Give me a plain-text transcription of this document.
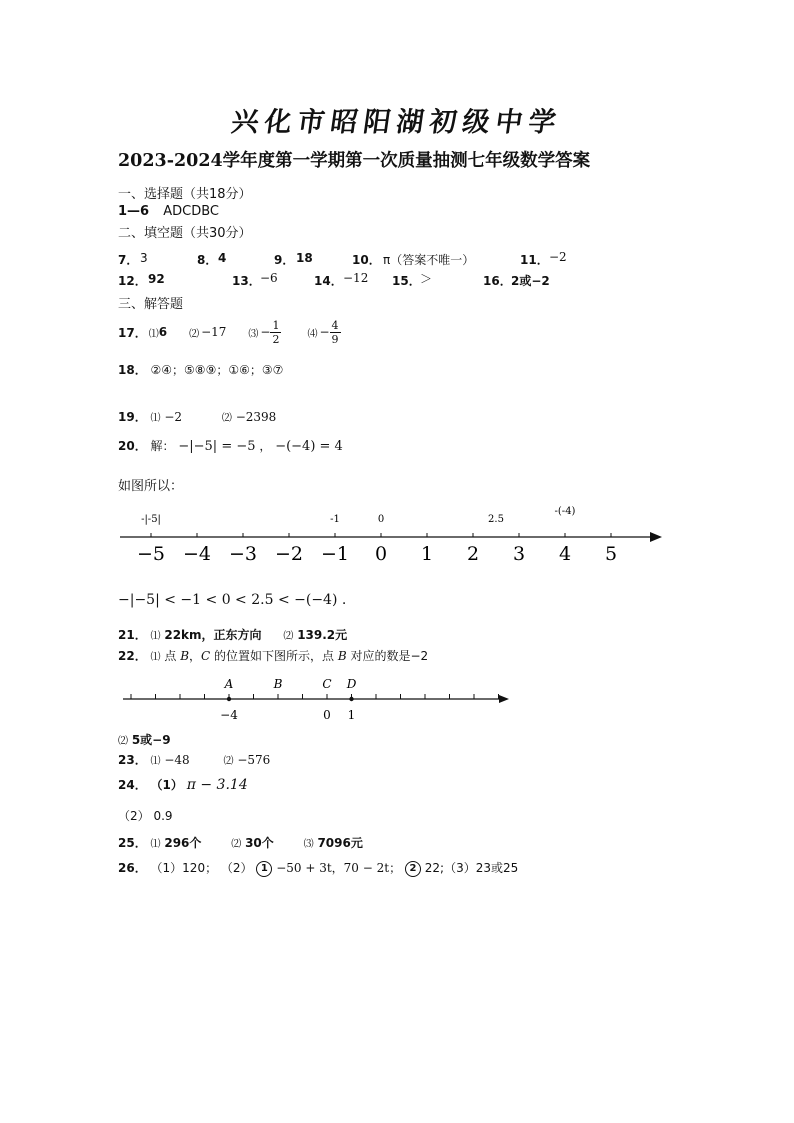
兴化市昭阳湖初级中学
2023-2024学年度第一学期第一次质量抽测七年级数学答案
一、选择题（共18分）
1—6 ADCDBC
二、填空题（共30分）
7． 3	8． 4	9． 18	10． π（答案不唯一）	11． −2
12． 92	13． −6	14． −12 15． ＞	16． 2或−2
三、解答题
17． ⑴ 6 ⑵ −17 ⑶ − $\frac{1}{2}$	⑷ − $\frac{4}{9}$
18． ②④；⑤⑧⑨；①⑥；③⑦
19． ⑴ −2	⑵ −2398
20． 解： −|−5| = −5 ， −(−4) = 4
如图所以：
−5 −4 −3 −2 −1 0 1 2 3 4 5
-|-5|	-1	0	2.5
-(-4)
−|−5| < −1 < 0 < 2.5 < −(−4) .
21． ⑴ 22km，正东方向 ⑵ 139.2元
22． ⑴ 点 B，C 的位置如下图所示，点 B 对应的数是−2
A
−4
B	C
0
D
1
⑵ 5或−9
23． ⑴ −48	⑵ −576
24． （1） π − 3.14
（2） 0.9
25． ⑴ 296个	⑵ 30个	⑶ 7096元
26． （1）120； （2） 1 −50 + 3t，70 − 2t； 2 22;（3）23或25
